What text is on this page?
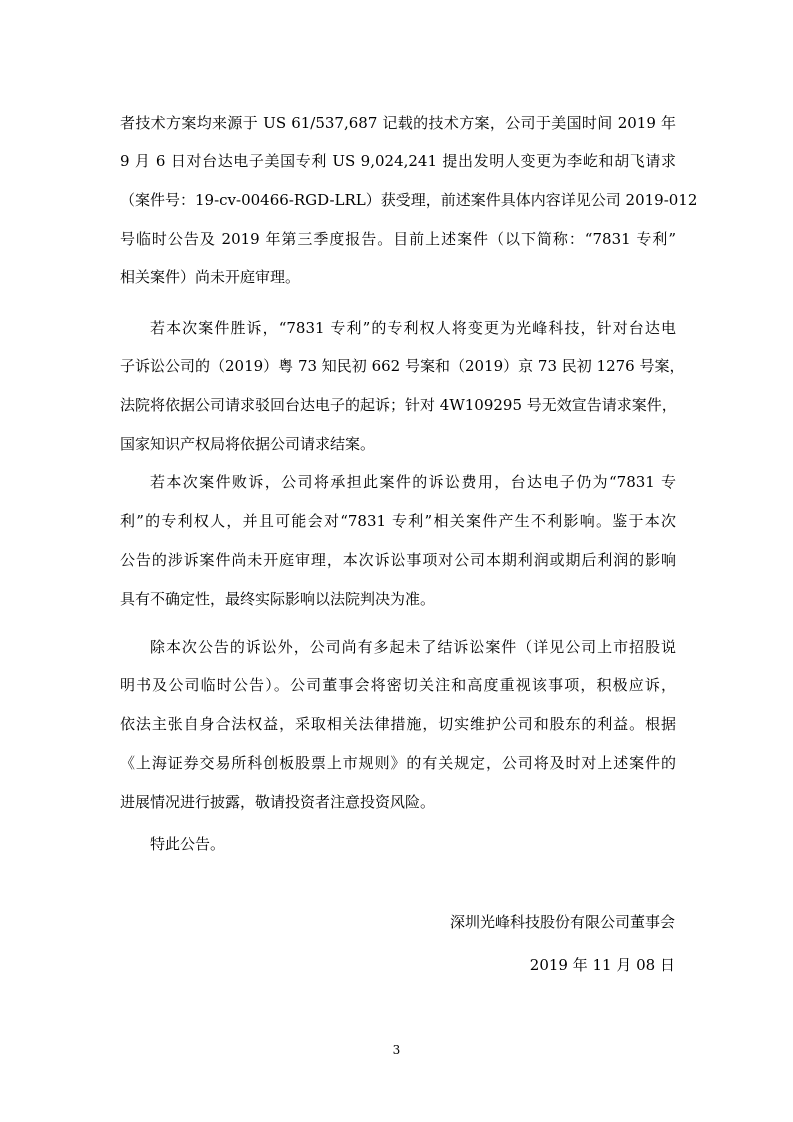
者技术方案均来源于 US 61/537,687 记载的技术方案，公司于美国时间 2019 年
9 月 6 日对台达电子美国专利 US 9,024,241 提出发明人变更为李屹和胡飞请求
（案件号：19-cv-00466-RGD-LRL）获受理，前述案件具体内容详见公司 2019-012
号临时公告及 2019 年第三季度报告。目前上述案件（以下简称：“7831 专利”
相关案件）尚未开庭审理。
若本次案件胜诉，“7831 专利”的专利权人将变更为光峰科技，针对台达电
子诉讼公司的（2019）粤 73 知民初 662 号案和（2019）京 73 民初 1276 号案，
法院将依据公司请求驳回台达电子的起诉；针对 4W109295 号无效宣告请求案件，
国家知识产权局将依据公司请求结案。
若本次案件败诉，公司将承担此案件的诉讼费用，台达电子仍为“7831 专
利”的专利权人，并且可能会对“7831 专利”相关案件产生不利影响。鉴于本次
公告的涉诉案件尚未开庭审理，本次诉讼事项对公司本期利润或期后利润的影响
具有不确定性，最终实际影响以法院判决为准。
除本次公告的诉讼外，公司尚有多起未了结诉讼案件（详见公司上市招股说
明书及公司临时公告）。公司董事会将密切关注和高度重视该事项，积极应诉，
依法主张自身合法权益，采取相关法律措施，切实维护公司和股东的利益。根据
《上海证券交易所科创板股票上市规则》的有关规定，公司将及时对上述案件的
进展情况进行披露，敬请投资者注意投资风险。
特此公告。
深圳光峰科技股份有限公司董事会
2019 年 11 月 08 日
3
